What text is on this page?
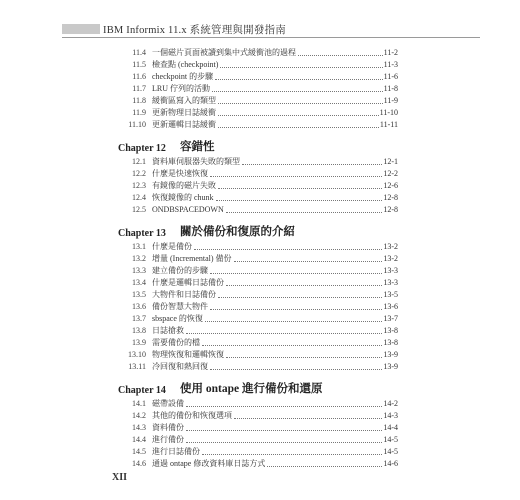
IBM Informix 11.x 系統管理與開發指南
11.4 一個磁片頁面被讀到集中式緩衝池的過程	11-2
11.5 檢查點 (checkpoint)	11-3
11.6 checkpoint 的步驟	11-6
11.7 LRU 佇列的活動	11-8
11.8 緩衝區寫入的類型	11-9
11.9 更新物理日誌緩衝	11-10
11.10 更新邏輯日誌緩衝	11-11
Chapter 12	容錯性
12.1 資料庫伺服器失敗的類型	12-1
12.2 什麼是快速恢復	12-2
12.3 有鏡像的磁片失敗	12-6
12.4 恢復鏡像的 chunk	12-8
12.5 ONDBSPACEDOWN	12-8
Chapter 13	關於備份和復原的介紹
13.1 什麼是備份	13-2
13.2 增量 (Incremental) 備份	13-2
13.3 建立備份的步驟	13-3
13.4 什麼是邏輯日誌備份	13-3
13.5 大物件和日誌備份	13-5
13.6 備份智慧大物件	13-6
13.7 sbspace 的恢復	13-7
13.8 日誌搶救	13-8
13.9 需要備份的檔	13-8
13.10 物理恢復和邏輯恢復	13-9
13.11 冷回復和熱回復	13-9
Chapter 14	使用 ontape 進行備份和還原
14.1 磁帶設備	14-2
14.2 其他的備份和恢復選項	14-3
14.3 資料備份	14-4
14.4 進行備份	14-5
14.5 進行日誌備份	14-5
14.6 通過 ontape 修改資料庫日誌方式	14-6
XII
